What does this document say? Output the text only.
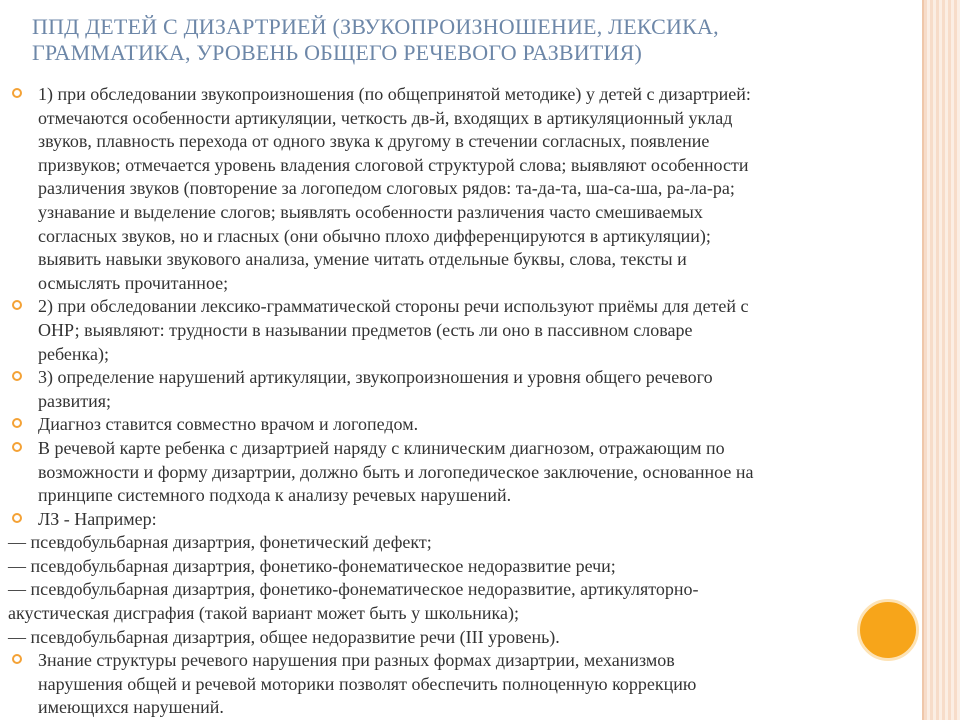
ППД ДЕТЕЙ С ДИЗАРТРИЕЙ (ЗВУКОПРОИЗНОШЕНИЕ, ЛЕКСИКА,
ГРАММАТИКА, УРОВЕНЬ ОБЩЕГО РЕЧЕВОГО РАЗВИТИЯ)
1) при обследовании звукопроизношения (по общепринятой методике) у детей с дизартрией:
отмечаются особенности артикуляции, четкость дв-й, входящих в артикуляционный уклад
звуков, плавность перехода от одного звука к другому в стечении согласных, появление
призвуков; отмечается уровень владения слоговой структурой слова; выявляют особенности
различения звуков (повторение за логопедом слоговых рядов: та-да-та, ша-са-ша, ра-ла-ра;
узнавание и выделение слогов; выявлять особенности различения часто смешиваемых
согласных звуков, но и гласных (они обычно плохо дифференцируются в артикуляции);
выявить навыки звукового анализа, умение читать отдельные буквы, слова, тексты и
осмыслять прочитанное;
2) при обследовании лексико-грамматической стороны речи используют приёмы для детей с
ОНР; выявляют: трудности в назывании предметов (есть ли оно в пассивном словаре
ребенка);
3) определение нарушений артикуляции, звукопроизношения и уровня общего речевого
развития;
Диагноз ставится совместно врачом и логопедом.
В речевой карте ребенка с дизартрией наряду с клиническим диагнозом, отражающим по
возможности и форму дизартрии, должно быть и логопедическое заключение, основанное на
принципе системного подхода к анализу речевых нарушений.
ЛЗ - Например:
— псевдобульбарная дизартрия, фонетический дефект;
— псевдобульбарная дизартрия, фонетико-фонематическое недоразвитие речи;
— псевдобульбарная дизартрия, фонетико-фонематическое недоразвитие, артикуляторно-
акустическая дисграфия (такой вариант может быть у школьника);
— псевдобульбарная дизартрия, общее недоразвитие речи (III уровень).
Знание структуры речевого нарушения при разных формах дизартрии, механизмов
нарушения общей и речевой моторики позволят обеспечить полноценную коррекцию
имеющихся нарушений.
